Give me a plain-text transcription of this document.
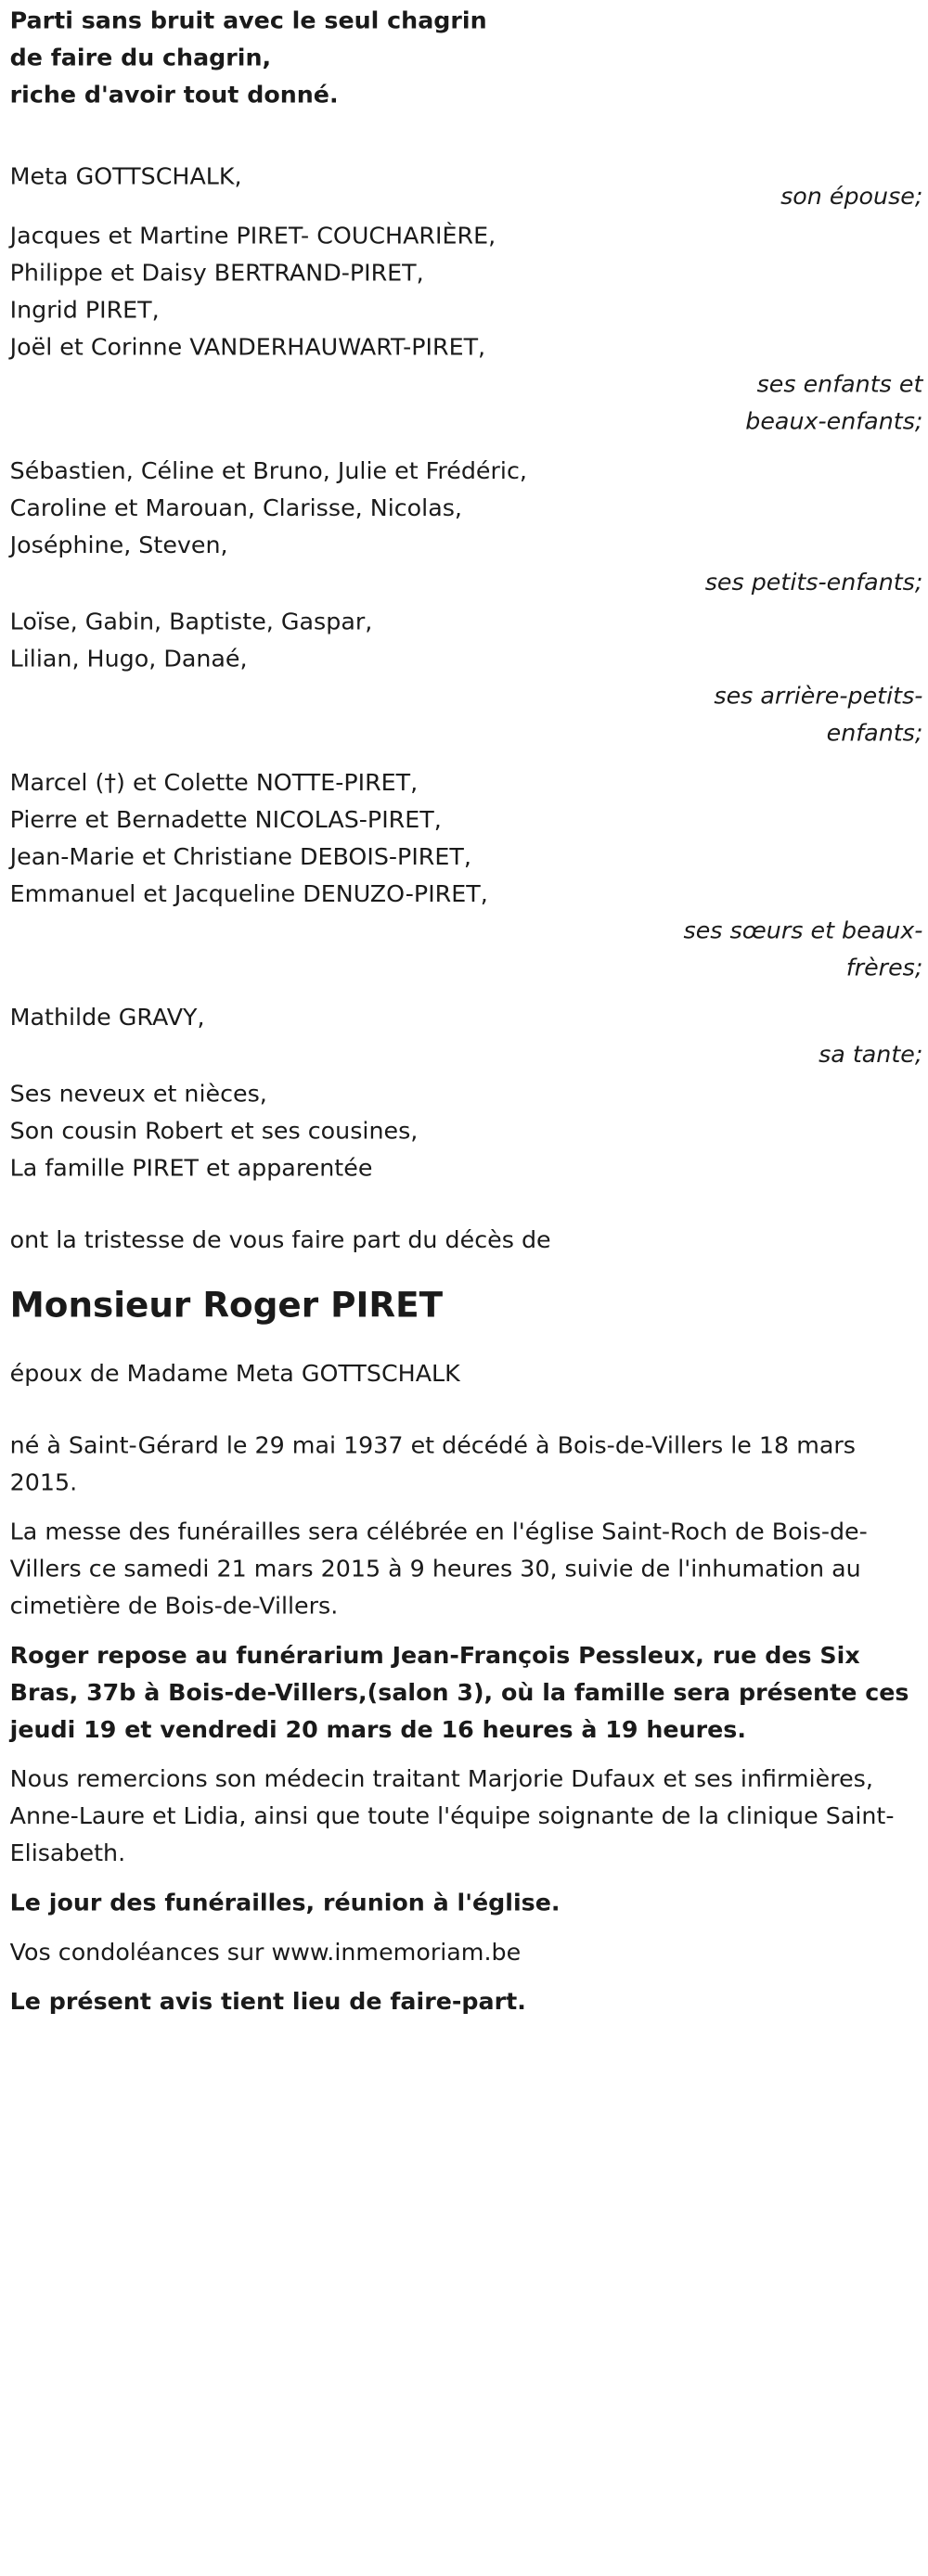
Parti sans bruit avec le seul chagrin

de faire du chagrin,

riche d'avoir tout donné.

Meta GOTTSCHALK,

son épouse;

Jacques et Martine PIRET- COUCHARIÈRE,

Philippe et Daisy BERTRAND-PIRET,

Ingrid PIRET,

Joël et Corinne VANDERHAUWART-PIRET,

ses enfants et

beaux-enfants;

Sébastien, Céline et Bruno, Julie et Frédéric,

Caroline et Marouan, Clarisse, Nicolas,

Joséphine, Steven,

ses petits-enfants;

Loïse, Gabin, Baptiste, Gaspar,

Lilian, Hugo, Danaé,

ses arrière-petits-

enfants;

Marcel (†) et Colette NOTTE-PIRET,

Pierre et Bernadette NICOLAS-PIRET,

Jean-Marie et Christiane DEBOIS-PIRET,

Emmanuel et Jacqueline DENUZO-PIRET,

ses sœurs et beaux-

frères;

Mathilde GRAVY,

sa tante;

Ses neveux et nièces,

Son cousin Robert et ses cousines,

La famille PIRET et apparentée

ont la tristesse de vous faire part du décès de

Monsieur Roger PIRET

époux de Madame Meta GOTTSCHALK

né à Saint-Gérard le 29 mai 1937 et décédé à Bois-de-Villers le 18 mars 2015.

La messe des funérailles sera célébrée en l'église Saint-Roch de Bois-de-Villers ce samedi 21 mars 2015 à 9 heures 30, suivie de l'inhumation au cimetière de Bois-de-Villers.

Roger repose au funérarium Jean-François Pessleux, rue des Six Bras, 37b à Bois-de-Villers,(salon 3), où la famille sera présente ces jeudi 19 et vendredi 20 mars de 16 heures à 19 heures.

Nous remercions son médecin traitant Marjorie Dufaux et ses infirmières, Anne-Laure et Lidia, ainsi que toute l'équipe soignante de la clinique Saint-Elisabeth.

Le jour des funérailles, réunion à l'église.

Vos condoléances sur www.inmemoriam.be

Le présent avis tient lieu de faire-part.
